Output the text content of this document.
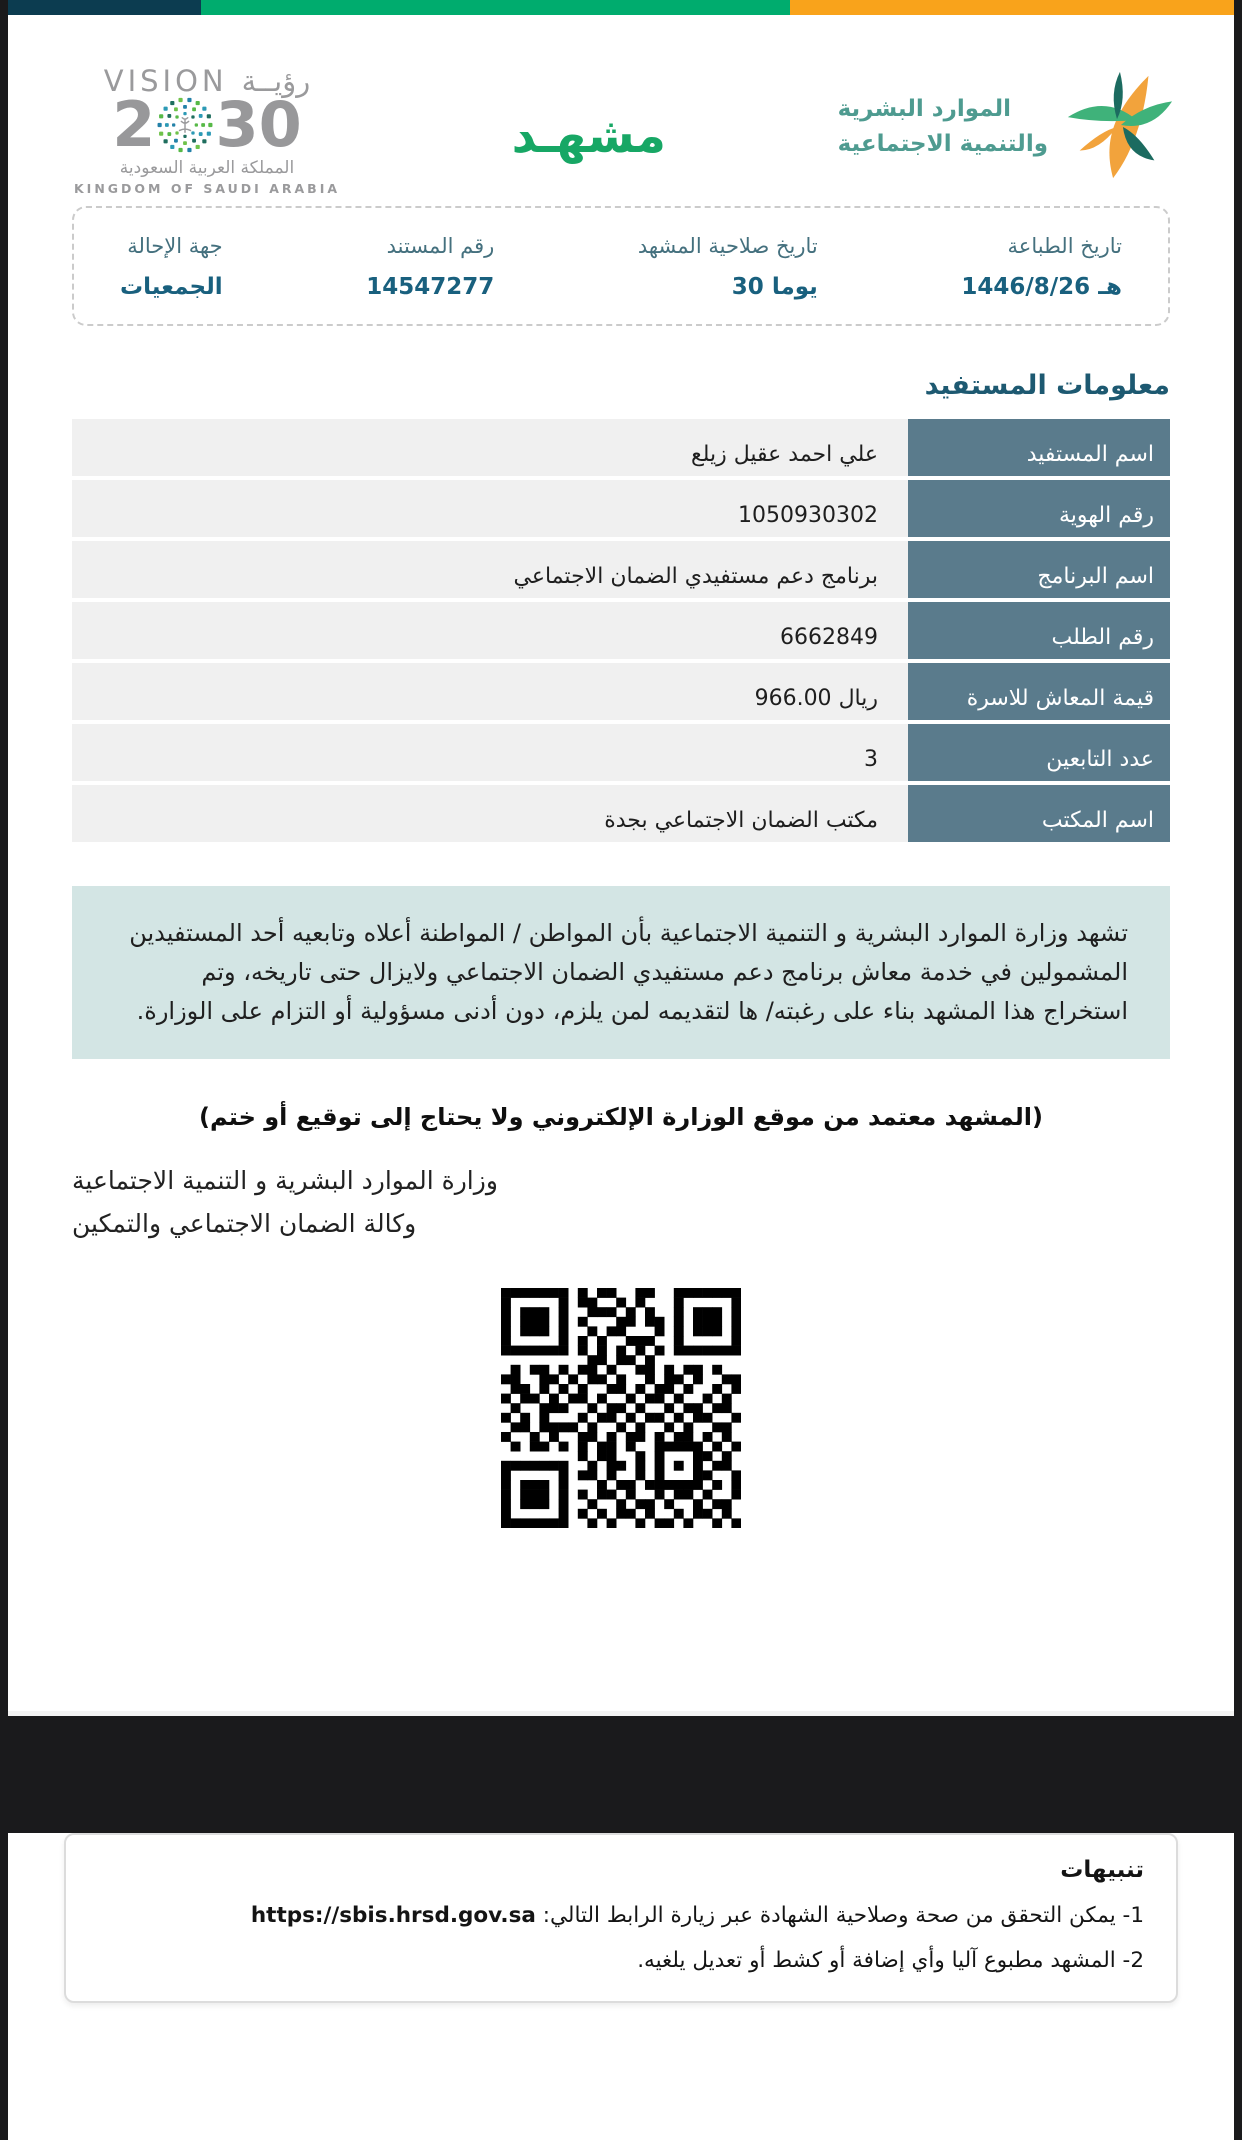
الموارد البشرية
والتنمية الاجتماعية
مشهـد
VISION رؤيــة
2 30
المملكة العربية السعودية
KINGDOM OF SAUDI ARABIA
تاريخ الطباعة
1446/8/26 هـ
تاريخ صلاحية المشهد
30 يوما
رقم المستند
14547277
جهة الإحالة
الجمعيات
معلومات المستفيد
اسم المستفيد	علي احمد عقيل زيلع
رقم الهوية	1050930302
اسم البرنامج	برنامج دعم مستفيدي الضمان الاجتماعي
رقم الطلب	6662849
قيمة المعاش للاسرة	966.00 ريال
عدد التابعين	3
اسم المكتب	مكتب الضمان الاجتماعي بجدة
تشهد وزارة الموارد البشرية و التنمية الاجتماعية بأن المواطن / المواطنة أعلاه وتابعيه أحد المستفيدين المشمولين في خدمة معاش برنامج دعم مستفيدي الضمان الاجتماعي ولايزال حتى تاريخه، وتم استخراج هذا المشهد بناء على رغبته/ ها لتقديمه لمن يلزم، دون أدنى مسؤولية أو التزام على الوزارة.
(المشهد معتمد من موقع الوزارة الإلكتروني ولا يحتاج إلى توقيع أو ختم)
وزارة الموارد البشرية و التنمية الاجتماعية
وكالة الضمان الاجتماعي والتمكين
تنبيهات
1- يمكن التحقق من صحة وصلاحية الشهادة عبر زيارة الرابط التالي: https://sbis.hrsd.gov.sa
2- المشهد مطبوع آليا وأي إضافة أو كشط أو تعديل يلغيه.
